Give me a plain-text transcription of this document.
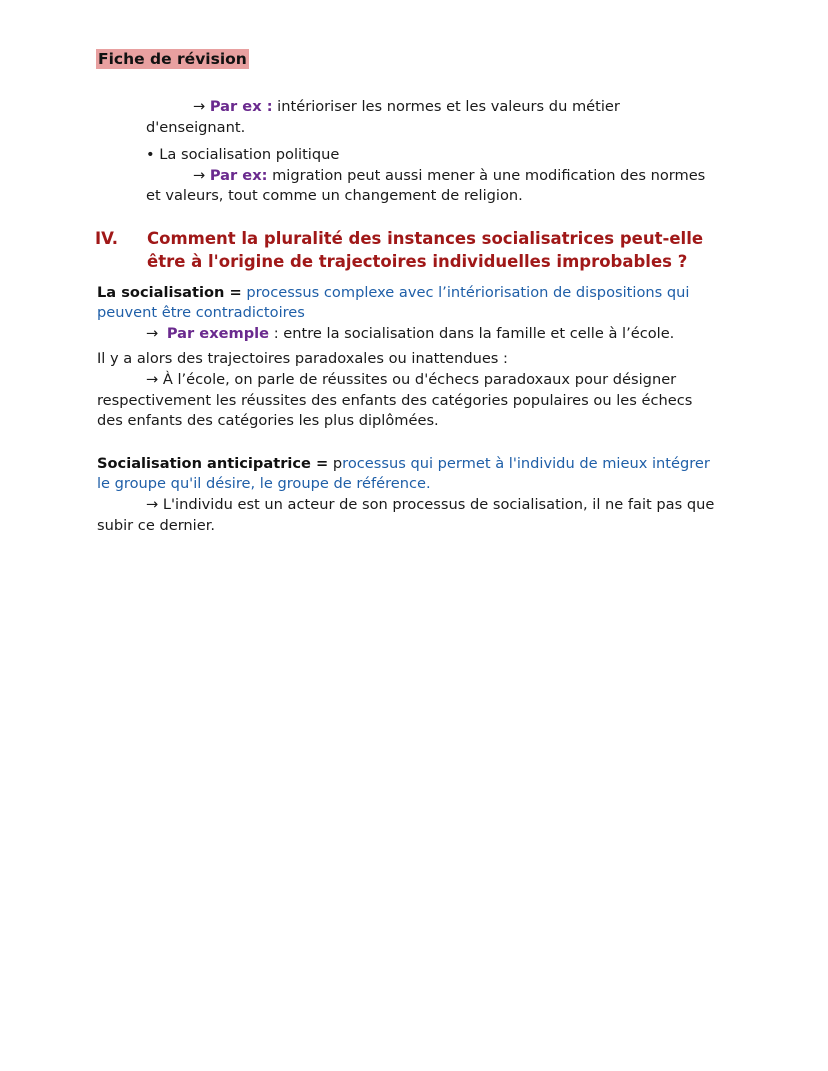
Fiche de révision
→ Par ex : intérioriser les normes et les valeurs du métier
d'enseignant.
• La socialisation politique
→ Par ex: migration peut aussi mener à une modification des normes
et valeurs, tout comme un changement de religion.
IV. Comment la pluralité des instances socialisatrices peut-elle
être à l'origine de trajectoires individuelles improbables ?
La socialisation = processus complexe avec l’intériorisation de dispositions qui
peuvent être contradictoires
→ Par exemple : entre la socialisation dans la famille et celle à l’école.
Il y a alors des trajectoires paradoxales ou inattendues :
→ À l’école, on parle de réussites ou d'échecs paradoxaux pour désigner
respectivement les réussites des enfants des catégories populaires ou les échecs
des enfants des catégories les plus diplômées.
Socialisation anticipatrice = processus qui permet à l'individu de mieux intégrer
le groupe qu'il désire, le groupe de référence.
→ L'individu est un acteur de son processus de socialisation, il ne fait pas que
subir ce dernier.
